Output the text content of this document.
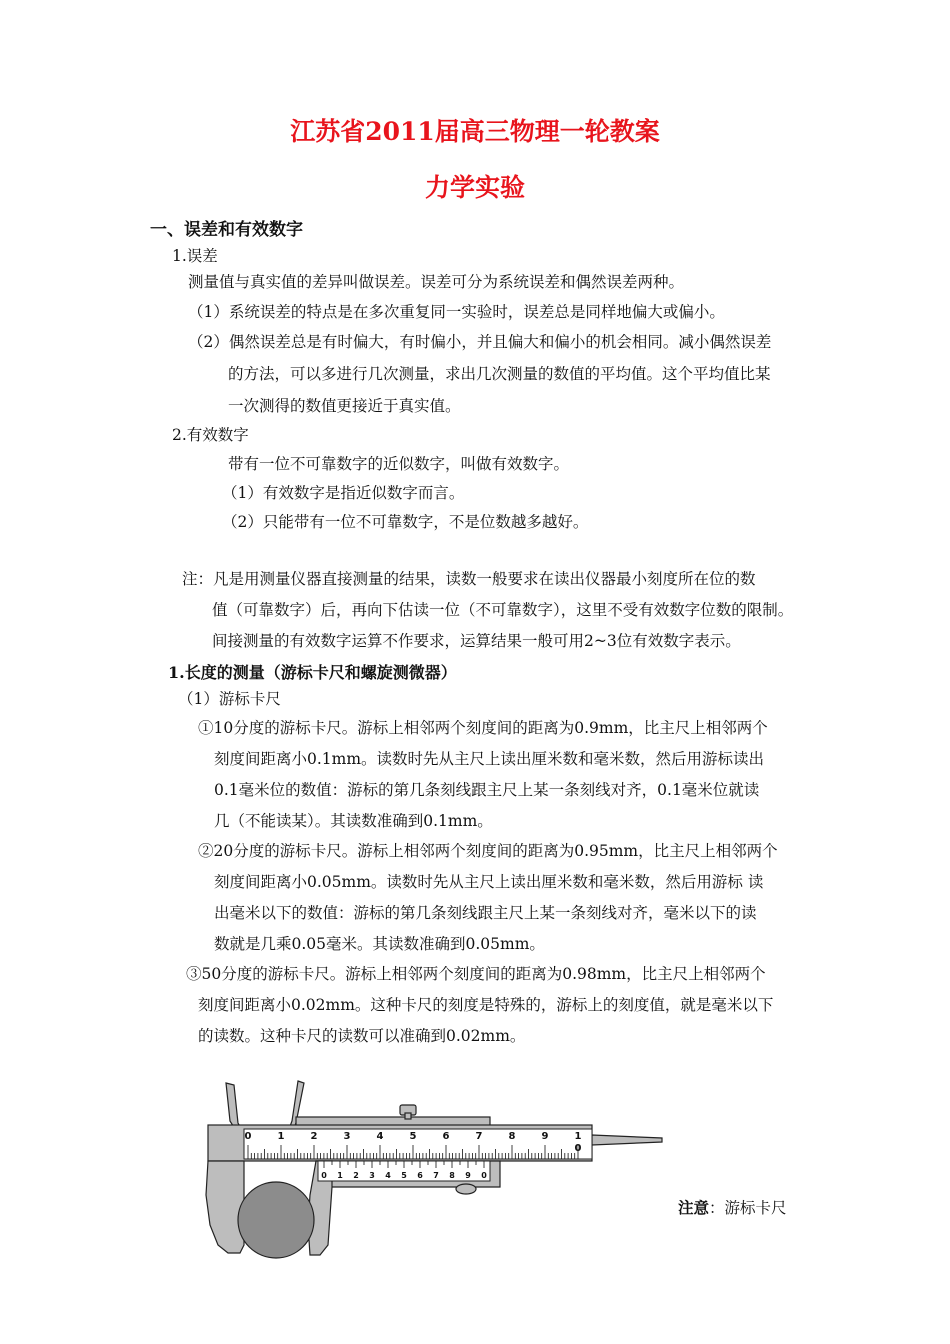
江苏省2011届高三物理一轮教案
力学实验
一、误差和有效数字
1.误差
测量值与真实值的差异叫做误差。误差可分为系统误差和偶然误差两种。
（1）系统误差的特点是在多次重复同一实验时，误差总是同样地偏大或偏小。
（2）偶然误差总是有时偏大，有时偏小，并且偏大和偏小的机会相同。减小偶然误差
的方法，可以多进行几次测量，求出几次测量的数值的平均值。这个平均值比某
一次测得的数值更接近于真实值。
2.有效数字
带有一位不可靠数字的近似数字，叫做有效数字。
（1）有效数字是指近似数字而言。
（2）只能带有一位不可靠数字，不是位数越多越好。
注：凡是用测量仪器直接测量的结果，读数一般要求在读出仪器最小刻度所在位的数
值（可靠数字）后，再向下估读一位（不可靠数字），这里不受有效数字位数的限制。
间接测量的有效数字运算不作要求，运算结果一般可用2~3位有效数字表示。
1.长度的测量（游标卡尺和螺旋测微器）
（1）游标卡尺
①10分度的游标卡尺。游标上相邻两个刻度间的距离为0.9mm，比主尺上相邻两个
刻度间距离小0.1mm。读数时先从主尺上读出厘米数和毫米数，然后用游标读出
0.1毫米位的数值：游标的第几条刻线跟主尺上某一条刻线对齐，0.1毫米位就读
几（不能读某）。其读数准确到0.1mm。
②20分度的游标卡尺。游标上相邻两个刻度间的距离为0.95mm，比主尺上相邻两个
刻度间距离小0.05mm。读数时先从主尺上读出厘米数和毫米数，然后用游标 读
出毫米以下的数值：游标的第几条刻线跟主尺上某一条刻线对齐，毫米以下的读
数就是几乘0.05毫米。其读数准确到0.05mm。
③50分度的游标卡尺。游标上相邻两个刻度间的距离为0.98mm，比主尺上相邻两个
刻度间距离小0.02mm。这种卡尺的刻度是特殊的，游标上的刻度值，就是毫米以下
的读数。这种卡尺的读数可以准确到0.02mm。
0	1	2	3	4	5	6	7	8	9	1
0
0 1 2 3 4 5 6 7 8 9 0
注意：游标卡尺
